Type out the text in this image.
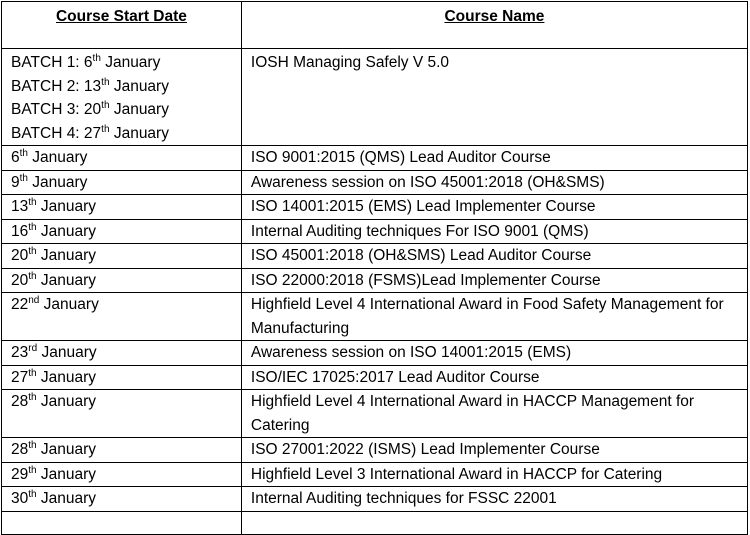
Course Start Date	Course Name

BATCH 1: 6th January
BATCH 2: 13th January
BATCH 3: 20th January
BATCH 4: 27th January	IOSH Managing Safely V 5.0
6th January	ISO 9001:2015 (QMS) Lead Auditor Course
9th January	Awareness session on ISO 45001:2018 (OH&SMS)
13th January	ISO 14001:2015 (EMS) Lead Implementer Course
16th January	Internal Auditing techniques For ISO 9001 (QMS)
20th January	ISO 45001:2018 (OH&SMS) Lead Auditor Course
20th January	ISO 22000:2018 (FSMS)Lead Implementer Course
22nd January	Highfield Level 4 International Award in Food Safety Management for Manufacturing
23rd January	Awareness session on ISO 14001:2015 (EMS)
27th January	ISO/IEC 17025:2017 Lead Auditor Course
28th January	Highfield Level 4 International Award in HACCP Management for Catering
28th January	ISO 27001:2022 (ISMS) Lead Implementer Course
29th January	Highfield Level 3 International Award in HACCP for Catering
30th January	Internal Auditing techniques for FSSC 22001
